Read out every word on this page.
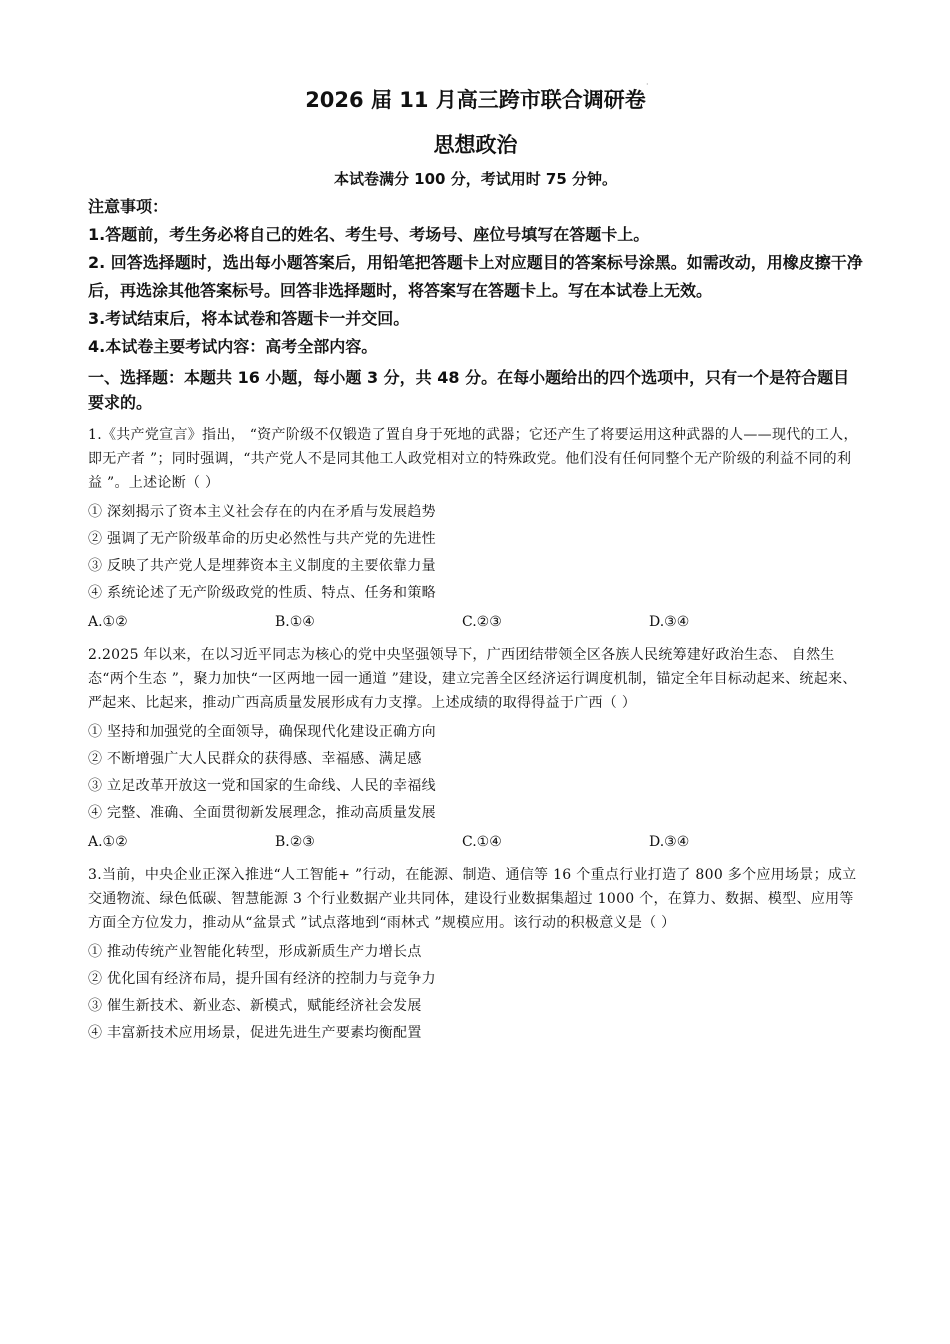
·
2026 届 11 月高三跨市联合调研卷
思想政治
本试卷满分 100 分，考试用时 75 分钟。

注意事项：

1.答题前，考生务必将自己的姓名、考生号、考场号、座位号填写在答题卡上。

2. 回答选择题时，选出每小题答案后，用铅笔把答题卡上对应题目的答案标号涂黑。如需改动，用橡皮擦干净后，再选涂其他答案标号。回答非选择题时，将答案写在答题卡上。写在本试卷上无效。

3.考试结束后，将本试卷和答题卡一并交回。

4.本试卷主要考试内容：高考全部内容。

一、选择题：本题共 16 小题，每小题 3 分，共 48 分。在每小题给出的四个选项中，只有一个是符合题目要求的。
1.《共产党宣言》指出， “资产阶级不仅锻造了置自身于死地的武器；它还产生了将要运用这种武器的人——现代的工人，即无产者 ”；同时强调，“共产党人不是同其他工人政党相对立的特殊政党。他们没有任何同整个无产阶级的利益不同的利益 ”。上述论断（ ）

① 深刻揭示了资本主义社会存在的内在矛盾与发展趋势

② 强调了无产阶级革命的历史必然性与共产党的先进性

③ 反映了共产党人是埋葬资本主义制度的主要依靠力量

④ 系统论述了无产阶级政党的性质、特点、任务和策略

A.①②	B.①④	C.②③	D.③④
2.2025 年以来，在以习近平同志为核心的党中央坚强领导下，广西团结带领全区各族人民统筹建好政治生态、 自然生态“两个生态 ”，聚力加快“一区两地一园一通道 ”建设，建立完善全区经济运行调度机制，锚定全年目标动起来、统起来、严起来、比起来，推动广西高质量发展形成有力支撑。上述成绩的取得得益于广西（ ）

① 坚持和加强党的全面领导，确保现代化建设正确方向

② 不断增强广大人民群众的获得感、幸福感、满足感

③ 立足改革开放这一党和国家的生命线、人民的幸福线

④ 完整、准确、全面贯彻新发展理念，推动高质量发展

A.①②	B.②③	C.①④	D.③④
3.当前，中央企业正深入推进“人工智能+ ”行动，在能源、制造、通信等 16 个重点行业打造了 800 多个应用场景；成立交通物流、绿色低碳、智慧能源 3 个行业数据产业共同体，建设行业数据集超过 1000 个，在算力、数据、模型、应用等方面全方位发力，推动从“盆景式 ”试点落地到“雨林式 ”规模应用。该行动的积极意义是（ ）

① 推动传统产业智能化转型，形成新质生产力增长点

② 优化国有经济布局，提升国有经济的控制力与竞争力

③ 催生新技术、新业态、新模式，赋能经济社会发展

④ 丰富新技术应用场景，促进先进生产要素均衡配置
